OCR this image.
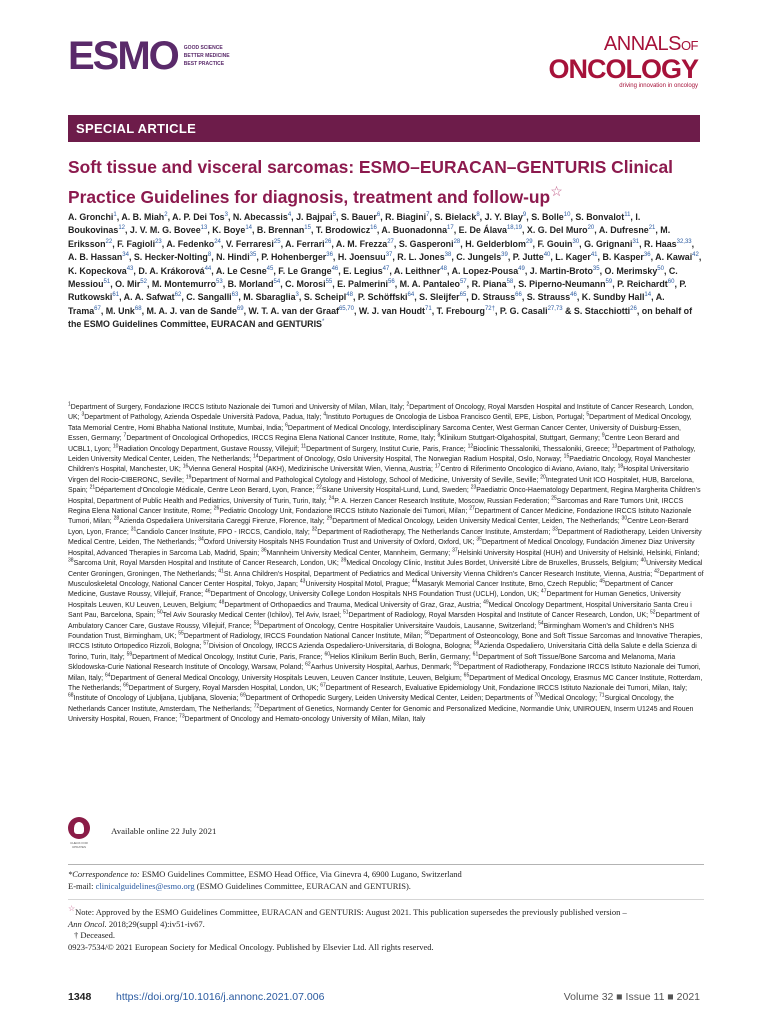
ESMO GOOD SCIENCE
BETTER MEDICINE
BEST PRACTICE
ANNALSOF
ONCOLOGY
driving innovation in oncology
SPECIAL ARTICLE
Soft tissue and visceral sarcomas: ESMO–EURACAN–GENTURIS Clinical Practice Guidelines for diagnosis, treatment and follow-up☆
A. Gronchi$^1$, A. B. Miah$^2$, A. P. Dei Tos$^3$, N. Abecassis$^4$, J. Bajpai$^5$, S. Bauer$^6$, R. Biagini$^7$, S. Bielack$^8$, J. Y. Blay$^9$, S. Bolle$^{10}$, S. Bonvalot$^{11}$, I. Boukovinas$^{12}$, J. V. M. G. Bovee$^{13}$, K. Boye$^{14}$, B. Brennan$^{15}$, T. Brodowicz$^{16}$, A. Buonadonna$^{17}$, E. De Álava$^{18,19}$, X. G. Del Muro$^{20}$, A. Dufresne$^{21}$, M. Eriksson$^{22}$, F. Fagioli$^{23}$, A. Fedenko$^{24}$, V. Ferraresi$^{25}$, A. Ferrari$^{26}$, A. M. Frezza$^{27}$, S. Gasperoni$^{28}$, H. Gelderblom$^{29}$, F. Gouin$^{30}$, G. Grignani$^{31}$, R. Haas$^{32,33}$, A. B. Hassan$^{34}$, S. Hecker-Nolting$^8$, N. Hindi$^{35}$, P. Hohenberger$^{36}$, H. Joensuu$^{37}$, R. L. Jones$^{38}$, C. Jungels$^{39}$, P. Jutte$^{40}$, L. Kager$^{41}$, B. Kasper$^{36}$, A. Kawai$^{42}$, K. Kopeckova$^{43}$, D. A. Krákorová$^{44}$, A. Le Cesne$^{45}$, F. Le Grange$^{46}$, E. Legius$^{47}$, A. Leithner$^{48}$, A. Lopez-Pousa$^{49}$, J. Martin-Broto$^{35}$, O. Merimsky$^{50}$, C. Messiou$^{51}$, O. Mir$^{52}$, M. Montemurro$^{53}$, B. Morland$^{54}$, C. Morosi$^{55}$, E. Palmerini$^{56}$, M. A. Pantaleo$^{57}$, R. Piana$^{58}$, S. Piperno-Neumann$^{59}$, P. Reichardt$^{60}$, P. Rutkowski$^{61}$, A. A. Safwat$^{62}$, C. Sangalli$^{63}$, M. Sbaraglia$^3$, S. Scheipl$^{48}$, P. Schöffski$^{64}$, S. Sleijfer$^{65}$, D. Strauss$^{66}$, S. Strauss$^{46}$, K. Sundby Hall$^{14}$, A. Trama$^{67}$, M. Unk$^{68}$, M. A. J. van de Sande$^{69}$, W. T. A. van der Graaf$^{65,70}$, W. J. van Houdt$^{71}$, T. Frebourg$^{72\dagger}$, P. G. Casali$^{27,73}$ & S. Stacchiotti$^{26}$, on behalf of the ESMO Guidelines Committee, EURACAN and GENTURIS*
$^1$Department of Surgery, Fondazione IRCCS Istituto Nazionale dei Tumori and University of Milan, Milan, Italy; $^2$Department of Oncology, Royal Marsden Hospital and Institute of Cancer Research, London, UK; $^3$Department of Pathology, Azienda Ospedale Università Padova, Padua, Italy; $^4$Instituto Portugues de Oncologia de Lisboa Francisco Gentil, EPE, Lisbon, Portugal; $^5$Department of Medical Oncology, Tata Memorial Centre, Homi Bhabha National Institute, Mumbai, India; $^6$Department of Medical Oncology, Interdisciplinary Sarcoma Center, West German Cancer Center, University of Duisburg-Essen, Essen, Germany; $^7$Department of Oncological Orthopedics, IRCCS Regina Elena National Cancer Institute, Rome, Italy; $^8$Klinikum Stuttgart-Olgahospital, Stuttgart, Germany; $^9$Centre Leon Berard and UCBL1, Lyon; $^{10}$Radiation Oncology Department, Gustave Roussy, Villejuif; $^{11}$Department of Surgery, Institut Curie, Paris, France; $^{12}$Bioclinic Thessaloniki, Thessaloniki, Greece; $^{13}$Department of Pathology, Leiden University Medical Center, Leiden, The Netherlands; $^{14}$Department of Oncology, Oslo University Hospital, The Norwegian Radium Hospital, Oslo, Norway; $^{15}$Paediatric Oncology, Royal Manchester Children’s Hospital, Manchester, UK; $^{16}$Vienna General Hospital (AKH), Medizinische Universität Wien, Vienna, Austria; $^{17}$Centro di Riferimento Oncologico di Aviano, Aviano, Italy; $^{18}$Hospital Universitario Virgen del Rocio-CIBERONC, Seville; $^{19}$Department of Normal and Pathological Cytology and Histology, School of Medicine, University of Seville, Seville; $^{20}$Integrated Unit ICO Hospitalet, HUB, Barcelona, Spain; $^{21}$Département d’Oncologie Médicale, Centre Leon Berard, Lyon, France; $^{22}$Skane University Hospital-Lund, Lund, Sweden; $^{23}$Paediatric Onco-Haematology Department, Regina Margherita Children’s Hospital, Department of Public Health and Pediatrics, University of Turin, Turin, Italy; $^{24}$P. A. Herzen Cancer Research Institute, Moscow, Russian Federation; $^{25}$Sarcomas and Rare Tumors Unit, IRCCS Regina Elena National Cancer Institute, Rome; $^{26}$Pediatric Oncology Unit, Fondazione IRCCS Istituto Nazionale dei Tumori, Milan; $^{27}$Department of Cancer Medicine, Fondazione IRCCS Istituto Nazionale Tumori, Milan; $^{28}$Azienda Ospedaliera Universitaria Careggi Firenze, Florence, Italy; $^{29}$Department of Medical Oncology, Leiden University Medical Center, Leiden, The Netherlands; $^{30}$Centre Leon-Berard Lyon, Lyon, France; $^{31}$Candiolo Cancer Institute, FPO - IRCCS, Candiolo, Italy; $^{32}$Department of Radiotherapy, The Netherlands Cancer Institute, Amsterdam; $^{33}$Department of Radiotherapy, Leiden University Medical Centre, Leiden, The Netherlands; $^{34}$Oxford University Hospitals NHS Foundation Trust and University of Oxford, Oxford, UK; $^{35}$Department of Medical Oncology, Fundación Jimenez Diaz University Hospital, Advanced Therapies in Sarcoma Lab, Madrid, Spain; $^{36}$Mannheim University Medical Center, Mannheim, Germany; $^{37}$Helsinki University Hospital (HUH) and University of Helsinki, Helsinki, Finland; $^{38}$Sarcoma Unit, Royal Marsden Hospital and Institute of Cancer Research, London, UK; $^{39}$Medical Oncology Clinic, Institut Jules Bordet, Université Libre de Bruxelles, Brussels, Belgium; $^{40}$University Medical Center Groningen, Groningen, The Netherlands; $^{41}$St. Anna Children’s Hospital, Department of Pediatrics and Medical University Vienna Children’s Cancer Research Institute, Vienna, Austria; $^{42}$Department of Musculoskeletal Oncology, National Cancer Center Hospital, Tokyo, Japan; $^{43}$University Hospital Motol, Prague; $^{44}$Masaryk Memorial Cancer Institute, Brno, Czech Republic; $^{45}$Department of Cancer Medicine, Gustave Roussy, Villejuif, France; $^{46}$Department of Oncology, University College London Hospitals NHS Foundation Trust (UCLH), London, UK; $^{47}$Department for Human Genetics, University Hospitals Leuven, KU Leuven, Leuven, Belgium; $^{48}$Department of Orthopaedics and Trauma, Medical University of Graz, Graz, Austria; $^{49}$Medical Oncology Department, Hospital Universitario Santa Creu i Sant Pau, Barcelona, Spain; $^{50}$Tel Aviv Sourasky Medical Center (Ichilov), Tel Aviv, Israel; $^{51}$Department of Radiology, Royal Marsden Hospital and Institute of Cancer Research, London, UK; $^{52}$Department of Ambulatory Cancer Care, Gustave Roussy, Villejuif, France; $^{53}$Department of Oncology, Centre Hospitalier Universitaire Vaudois, Lausanne, Switzerland; $^{54}$Birmingham Women’s and Children’s NHS Foundation Trust, Birmingham, UK; $^{55}$Department of Radiology, IRCCS Foundation National Cancer Institute, Milan; $^{56}$Department of Osteoncology, Bone and Soft Tissue Sarcomas and Innovative Therapies, IRCCS Istituto Ortopedico Rizzoli, Bologna; $^{57}$Division of Oncology, IRCCS Azienda Ospedaliero-Universitaria, di Bologna, Bologna; $^{58}$Azienda Ospedaliero, Universitaria Città della Salute e della Scienza di Torino, Turin, Italy; $^{59}$Department of Medical Oncology, Institut Curie, Paris, France; $^{60}$Helios Klinikum Berlin Buch, Berlin, Germany; $^{61}$Department of Soft Tissue/Bone Sarcoma and Melanoma, Maria Sklodowska-Curie National Research Institute of Oncology, Warsaw, Poland; $^{62}$Aarhus University Hospital, Aarhus, Denmark; $^{63}$Department of Radiotherapy, Fondazione IRCCS Istituto Nazionale dei Tumori, Milan, Italy; $^{64}$Department of General Medical Oncology, University Hospitals Leuven, Leuven Cancer Institute, Leuven, Belgium; $^{65}$Department of Medical Oncology, Erasmus MC Cancer Institute, Rotterdam, The Netherlands; $^{66}$Department of Surgery, Royal Marsden Hospital, London, UK; $^{67}$Department of Research, Evaluative Epidemiology Unit, Fondazione IRCCS Istituto Nazionale dei Tumori, Milan, Italy; $^{68}$Institute of Oncology of Ljubljana, Ljubljana, Slovenia; $^{69}$Department of Orthopedic Surgery, Leiden University Medical Center, Leiden; Departments of $^{70}$Medical Oncology; $^{71}$Surgical Oncology, the Netherlands Cancer Institute, Amsterdam, The Netherlands; $^{72}$Department of Genetics, Normandy Center for Genomic and Personalized Medicine, Normandie Univ, UNIROUEN, Inserm U1245 and Rouen University Hospital, Rouen, France; $^{73}$Department of Oncology and Hemato-oncology University of Milan, Milan, Italy
CHECK FOR UPDATES
Available online 22 July 2021
*Correspondence to: ESMO Guidelines Committee, ESMO Head Office, Via Ginevra 4, 6900 Lugano, Switzerland
E-mail: clinicalguidelines@esmo.org (ESMO Guidelines Committee, EURACAN and GENTURIS).
☆Note: Approved by the ESMO Guidelines Committee, EURACAN and GENTURIS: August 2021. This publication supersedes the previously published version –
Ann Oncol. 2018;29(suppl 4):iv51-iv67.
† Deceased.
0923-7534/© 2021 European Society for Medical Oncology. Published by Elsevier Ltd. All rights reserved.
1348 https://doi.org/10.1016/j.annonc.2021.07.006	Volume 32 ■ Issue 11 ■ 2021
